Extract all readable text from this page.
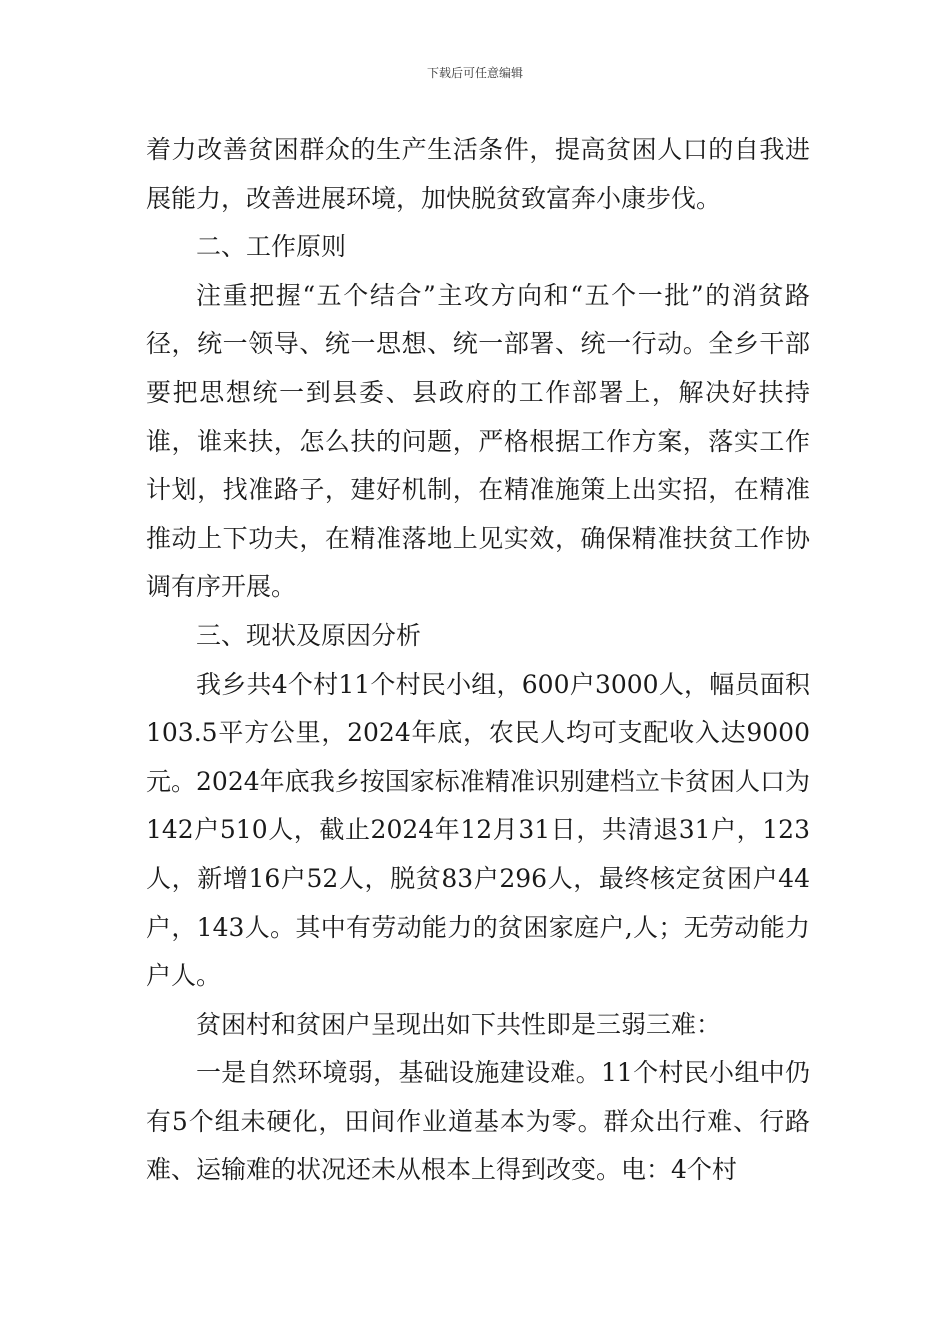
下载后可任意编辑

着力改善贫困群众的生产生活条件，提高贫困人口的自我进展能力，改善进展环境，加快脱贫致富奔小康步伐。

二、工作原则

注重把握“五个结合”主攻方向和“五个一批”的消贫路径，统一领导、统一思想、统一部署、统一行动。全乡干部要把思想统一到县委、县政府的工作部署上，解决好扶持谁，谁来扶，怎么扶的问题，严格根据工作方案，落实工作计划，找准路子，建好机制，在精准施策上出实招，在精准推动上下功夫，在精准落地上见实效，确保精准扶贫工作协调有序开展。

三、现状及原因分析

我乡共4个村11个村民小组，600户3000人，幅员面积103.5平方公里，2024年底，农民人均可支配收入达9000元。2024年底我乡按国家标准精准识别建档立卡贫困人口为142户510人，截止2024年12月31日，共清退31户，123人，新增16户52人，脱贫83户296人，最终核定贫困户44户，143人。其中有劳动能力的贫困家庭户,人；无劳动能力户人。

贫困村和贫困户呈现出如下共性即是三弱三难：

一是自然环境弱，基础设施建设难。11个村民小组中仍有5个组未硬化，田间作业道基本为零。群众出行难、行路难、运输难的状况还未从根本上得到改变。电：4个村
